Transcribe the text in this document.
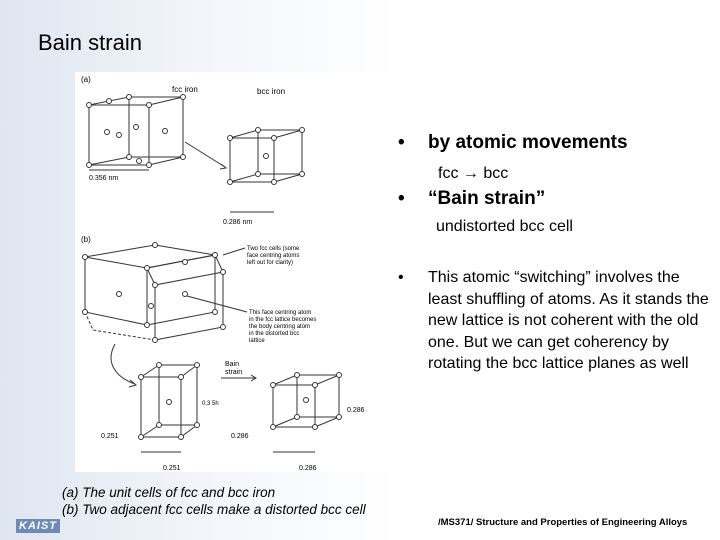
Bain strain
(a)
fcc iron	bcc iron
0.356 nm
0.286 nm
(b)
Two fcc cells (some face centring atoms left out for clarity)
This face centring atom in the fcc lattice becomes the body centring atom in the distorted bcc lattice
0.3 5h
0.251
0.251
Bain strain
0.286
0.286
0.286
(a) The unit cells of fcc and bcc iron
(b) Two adjacent fcc cells make a distorted bcc cell
• by atomic movements
fcc → bcc
• “Bain strain”
undistorted bcc cell
• This atomic “switching” involves the least shuffling of atoms. As it stands the new lattice is not coherent with the old one. But we can get coherency by rotating the bcc lattice planes as well
KAIST	/MS371/ Structure and Properties of Engineering Alloys
